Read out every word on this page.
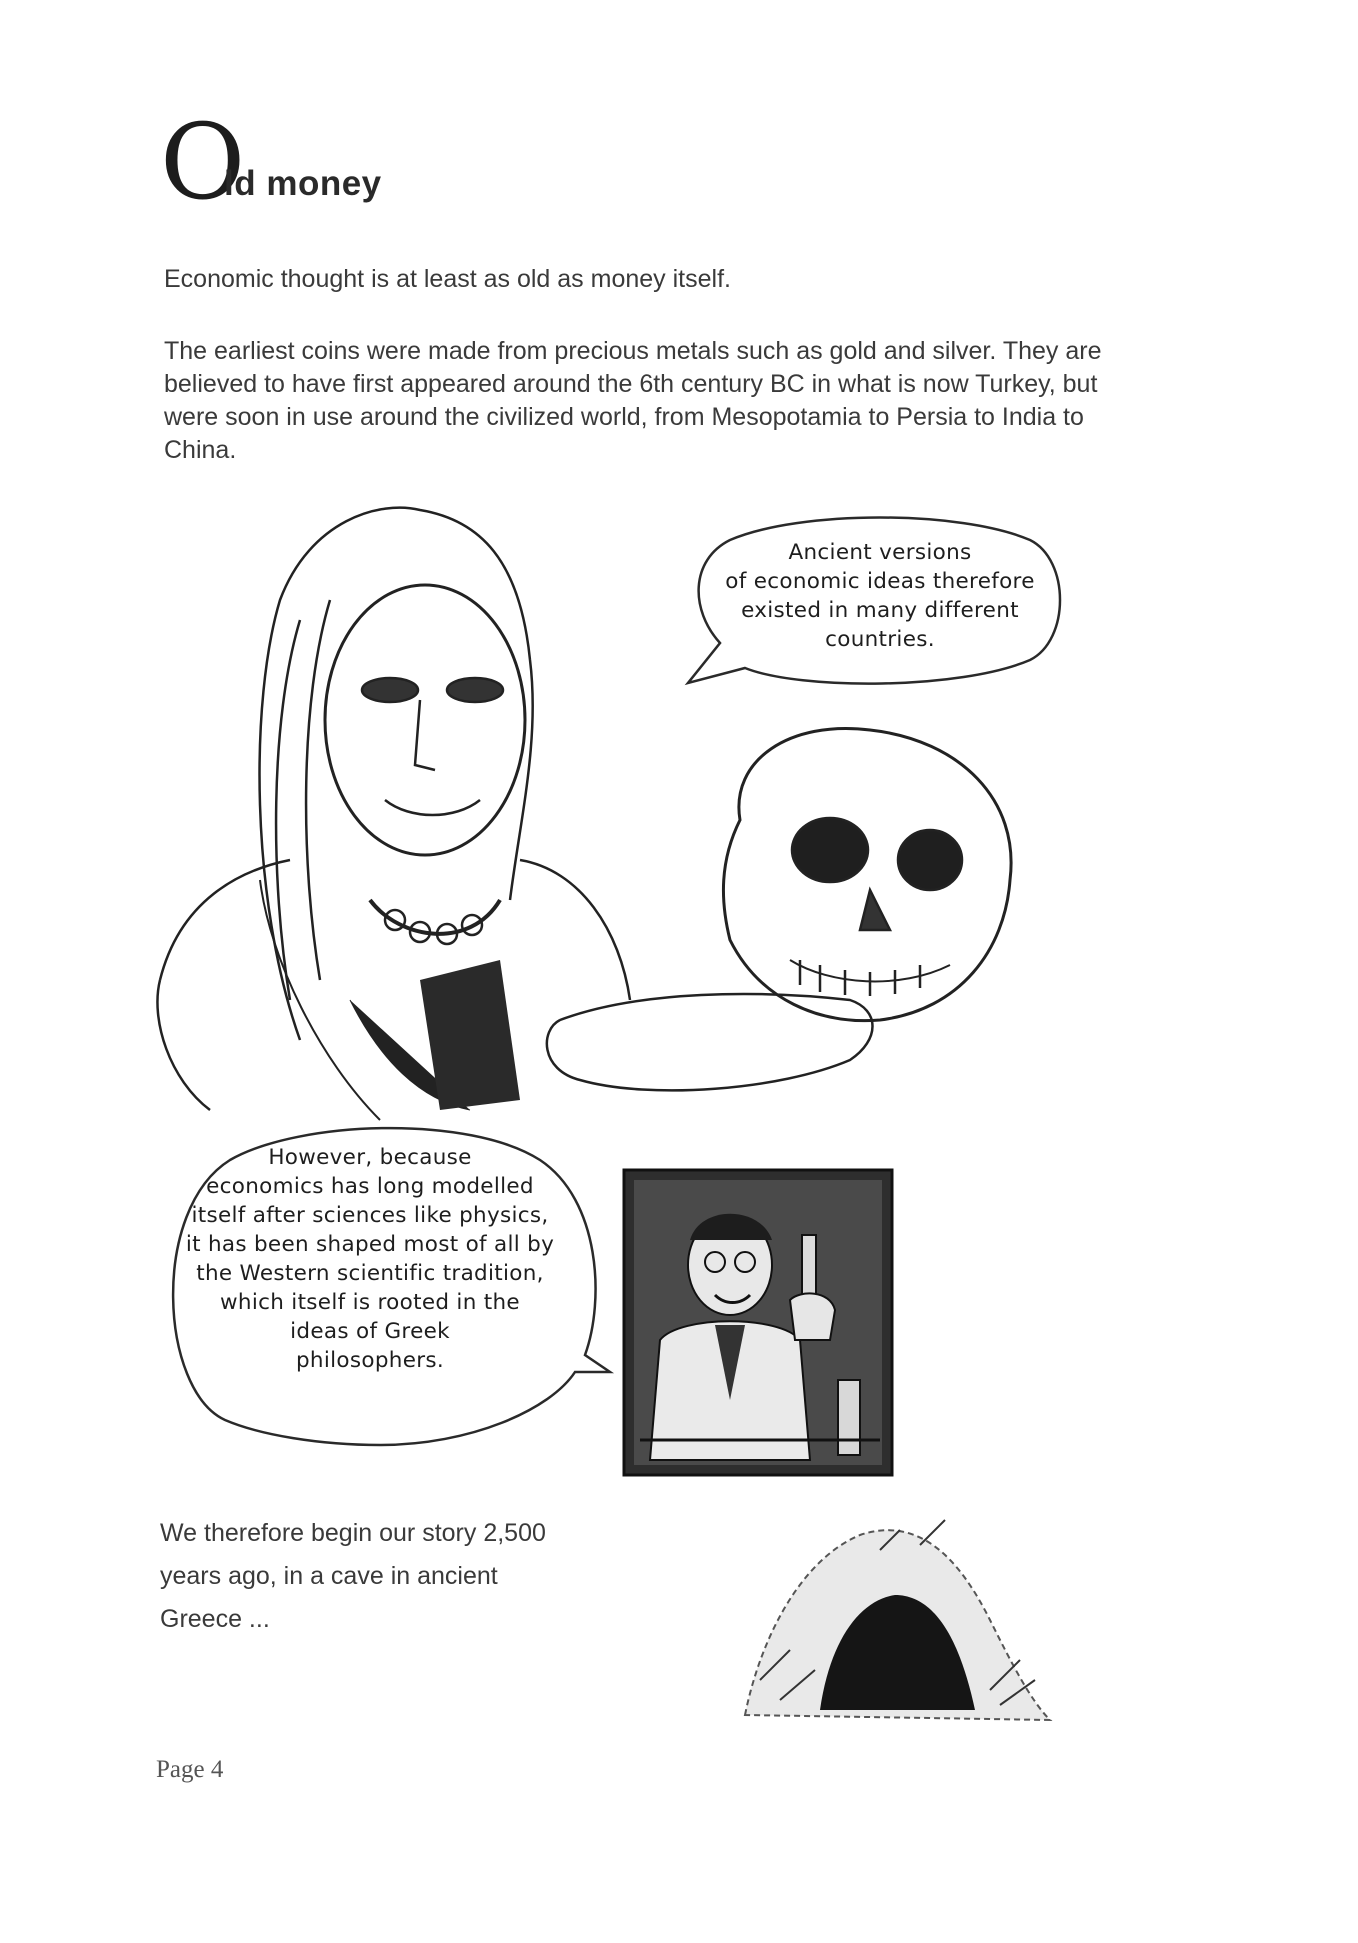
O
ld money
Economic thought is at least as old as money itself.
The earliest coins were made from precious metals such as gold and silver. They are believed to have first appeared around the 6th century BC in what is now Turkey, but were soon in use around the civilized world, from Mesopotamia to Persia to India to China.
Ancient versions
of economic ideas therefore
existed in many different
countries.
However, because
economics has long modelled
itself after sciences like physics,
it has been shaped most of all by
the Western scientific tradition,
which itself is rooted in the
ideas of Greek
philosophers.
We therefore begin our story 2,500 years ago, in a cave in ancient Greece ...
Page 4
